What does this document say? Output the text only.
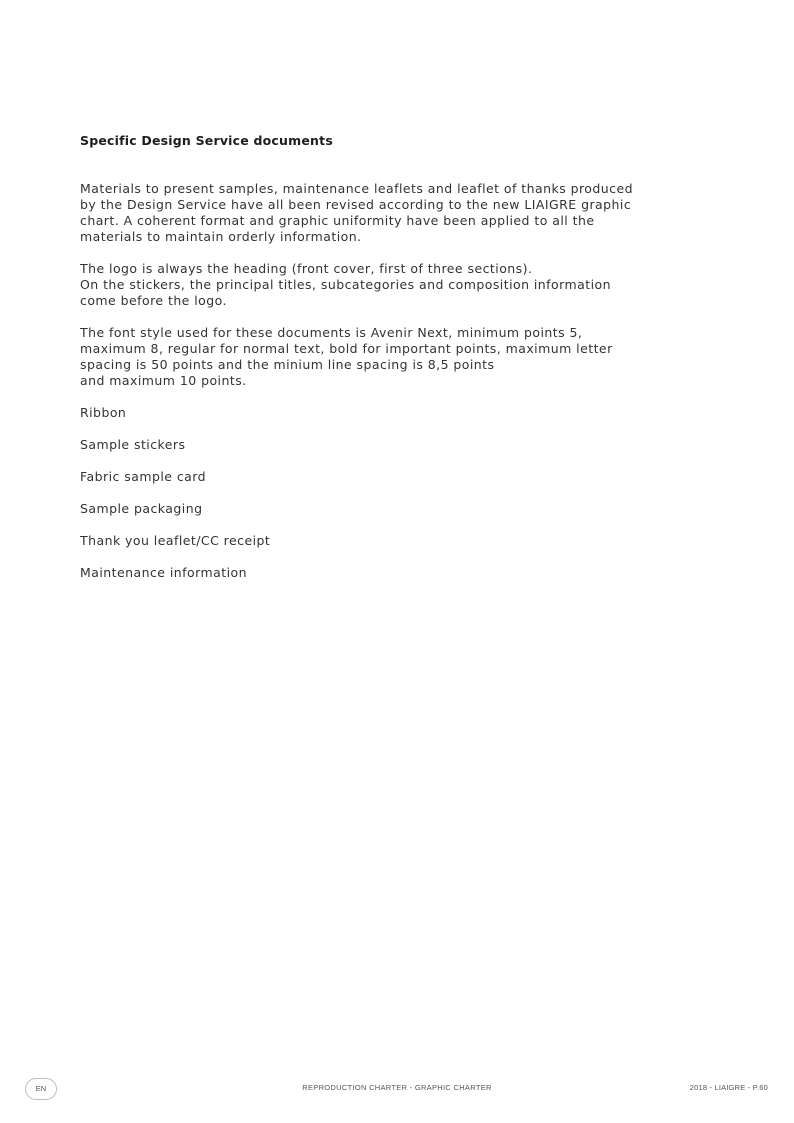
Specific Design Service documents

Materials to present samples, maintenance leaflets and leaflet of thanks produced
by the Design Service have all been revised according to the new LIAIGRE graphic
chart. A coherent format and graphic uniformity have been applied to all the
materials to maintain orderly information.

The logo is always the heading (front cover, first of three sections).
On the stickers, the principal titles, subcategories and composition information
come before the logo.

The font style used for these documents is Avenir Next, minimum points 5,
maximum 8, regular for normal text, bold for important points, maximum letter
spacing is 50 points and the minium line spacing is 8,5 points
and maximum 10 points.

Ribbon

Sample stickers

Fabric sample card

Sample packaging

Thank you leaflet/CC receipt

Maintenance information

EN	REPRODUCTION CHARTER - GRAPHIC CHARTER	2018 - LIAIGRE - P.60
